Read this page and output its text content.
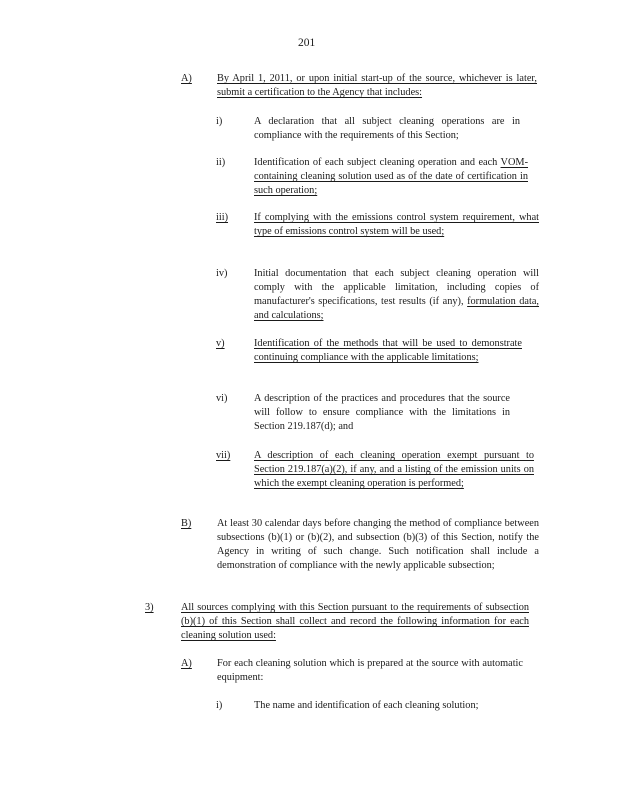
201
A) By April 1, 2011, or upon initial start-up of the source, whichever is later, submit a certification to the Agency that includes:
i)	A declaration that all subject cleaning operations are in compliance with the requirements of this Section;
ii)	Identification of each subject cleaning operation and each VOM-containing cleaning solution used as of the date of certification in such operation;
iii)	If complying with the emissions control system requirement, what type of emissions control system will be used;
iv)	Initial documentation that each subject cleaning operation will comply with the applicable limitation, including copies of manufacturer's specifications, test results (if any), formulation data, and calculations;
v)	Identification of the methods that will be used to demonstrate continuing compliance with the applicable limitations;
vi)	A description of the practices and procedures that the source will follow to ensure compliance with the limitations in Section 219.187(d); and
vii) A description of each cleaning operation exempt pursuant to Section 219.187(a)(2), if any, and a listing of the emission units on which the exempt cleaning operation is performed;
B) At least 30 calendar days before changing the method of compliance between subsections (b)(1) or (b)(2), and subsection (b)(3) of this Section, notify the Agency in writing of such change. Such notification shall include a demonstration of compliance with the newly applicable subsection;
3)	All sources complying with this Section pursuant to the requirements of subsection (b)(1) of this Section shall collect and record the following information for each cleaning solution used:
A) For each cleaning solution which is prepared at the source with automatic equipment:
i)	The name and identification of each cleaning solution;
